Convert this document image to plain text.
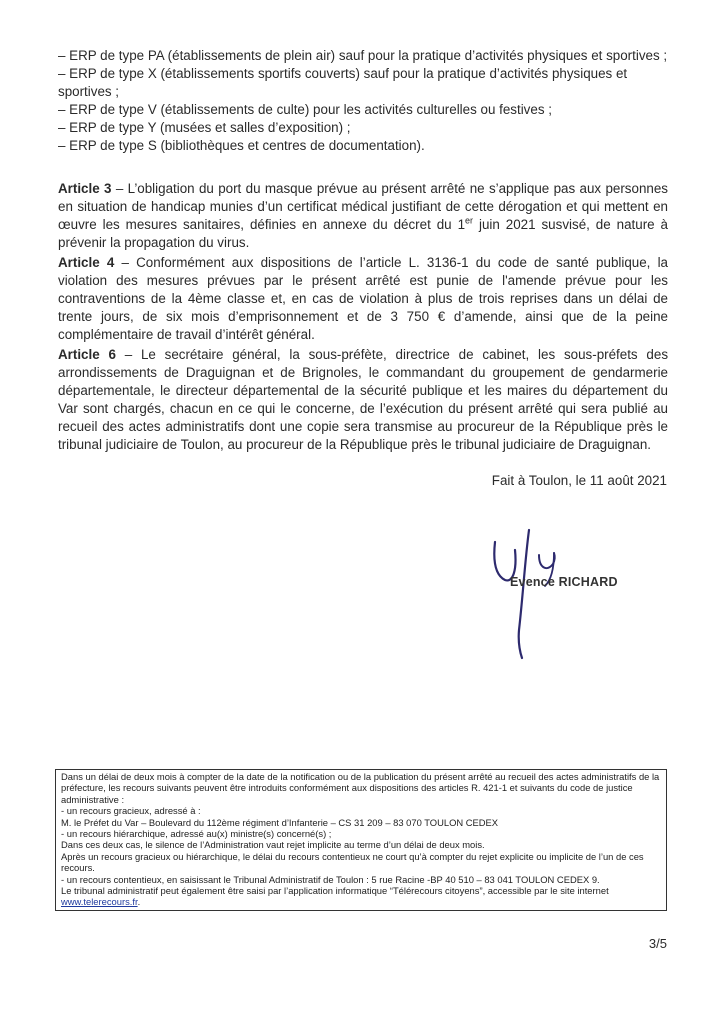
– ERP de type PA (établissements de plein air) sauf pour la pratique d’activités physiques et sportives ;
– ERP de type X (établissements sportifs couverts) sauf pour la pratique d’activités physiques et sportives ;
– ERP de type V (établissements de culte) pour les activités culturelles ou festives ;
– ERP de type Y (musées et salles d’exposition) ;
– ERP de type S (bibliothèques et centres de documentation).

Article 3 – L’obligation du port du masque prévue au présent arrêté ne s’applique pas aux personnes en situation de handicap munies d’un certificat médical justifiant de cette dérogation et qui mettent en œuvre les mesures sanitaires, définies en annexe du décret du 1er juin 2021 susvisé, de nature à prévenir la propagation du virus.

Article 4 – Conformément aux dispositions de l’article L. 3136-1 du code de santé publique, la violation des mesures prévues par le présent arrêté est punie de l'amende prévue pour les contraventions de la 4ème classe et, en cas de violation à plus de trois reprises dans un délai de trente jours, de six mois d’emprisonnement et de 3 750 € d’amende, ainsi que de la peine complémentaire de travail d’intérêt général.

Article 6 – Le secrétaire général, la sous-préfète, directrice de cabinet, les sous-préfets des arrondissements de Draguignan et de Brignoles, le commandant du groupement de gendarmerie départementale, le directeur départemental de la sécurité publique et les maires du département du Var sont chargés, chacun en ce qui le concerne, de l’exécution du présent arrêté qui sera publié au recueil des actes administratifs dont une copie sera transmise au procureur de la République près le tribunal judiciaire de Toulon, au procureur de la République près le tribunal judiciaire de Draguignan.

Fait à Toulon, le 11 août 2021

Evence RICHARD

Dans un délai de deux mois à compter de la date de la notification ou de la publication du présent arrêté au recueil des actes administratifs de la préfecture, les recours suivants peuvent être introduits conformément aux dispositions des articles R. 421-1 et suivants du code de justice administrative :

- un recours gracieux, adressé à :

M. le Préfet du Var – Boulevard du 112ème régiment d’Infanterie – CS 31 209 – 83 070 TOULON CEDEX

- un recours hiérarchique, adressé au(x) ministre(s) concerné(s) ;

Dans ces deux cas, le silence de l’Administration vaut rejet implicite au terme d’un délai de deux mois.

Après un recours gracieux ou hiérarchique, le délai du recours contentieux ne court qu’à compter du rejet explicite ou implicite de l’un de ces recours.

- un recours contentieux, en saisissant le Tribunal Administratif de Toulon : 5 rue Racine -BP 40 510 – 83 041 TOULON CEDEX 9.

Le tribunal administratif peut également être saisi par l’application informatique “Télérecours citoyens”, accessible par le site internet www.telerecours.fr.

3/5
